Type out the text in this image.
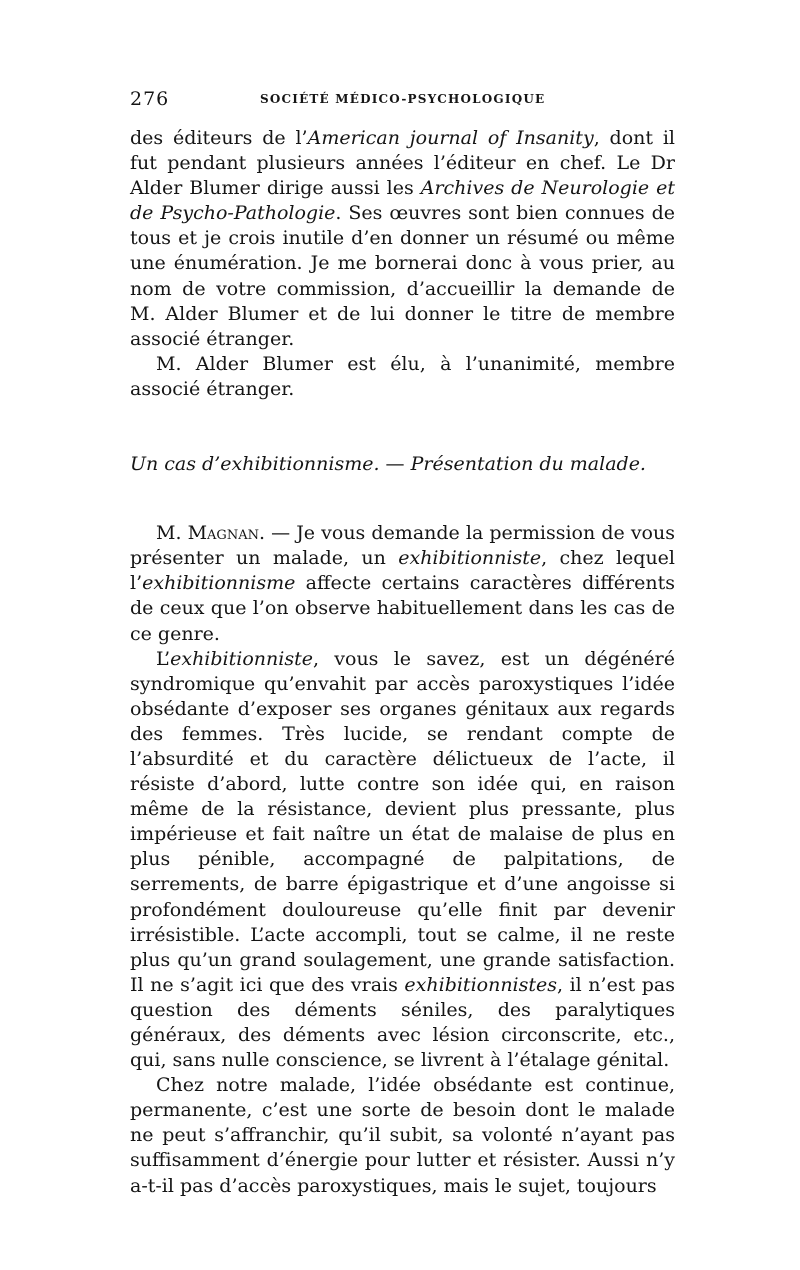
276	SOCIÉTÉ MÉDICO-PSYCHOLOGIQUE

des éditeurs de l’American journal of Insanity, dont il fut pendant plusieurs années l’éditeur en chef. Le Dr Alder Blumer dirige aussi les Archives de Neurologie et de Psycho-Pathologie. Ses œuvres sont bien connues de tous et je crois inutile d’en donner un résumé ou même une énumération. Je me bornerai donc à vous prier, au nom de votre commission, d’accueillir la demande de M. Alder Blumer et de lui donner le titre de membre associé étranger.

M. Alder Blumer est élu, à l’unanimité, membre associé étranger.

Un cas d’exhibitionnisme. — Présentation du malade.

M. Magnan. — Je vous demande la permission de vous présenter un malade, un exhibitionniste, chez lequel l’exhibitionnisme affecte certains caractères différents de ceux que l’on observe habituellement dans les cas de ce genre.

L’exhibitionniste, vous le savez, est un dégénéré syndromique qu’envahit par accès paroxystiques l’idée obsédante d’exposer ses organes génitaux aux regards des femmes. Très lucide, se rendant compte de l’absurdité et du caractère délictueux de l’acte, il résiste d’abord, lutte contre son idée qui, en raison même de la résistance, devient plus pressante, plus impérieuse et fait naître un état de malaise de plus en plus pénible, accompagné de palpitations, de serrements, de barre épigastrique et d’une angoisse si profondément douloureuse qu’elle finit par devenir irrésistible. L’acte accompli, tout se calme, il ne reste plus qu’un grand soulagement, une grande satisfaction. Il ne s’agit ici que des vrais exhibitionnistes, il n’est pas question des déments séniles, des paralytiques généraux, des déments avec lésion circonscrite, etc., qui, sans nulle conscience, se livrent à l’étalage génital.

Chez notre malade, l’idée obsédante est continue, permanente, c’est une sorte de besoin dont le malade ne peut s’affranchir, qu’il subit, sa volonté n’ayant pas suffisamment d’énergie pour lutter et résister. Aussi n’y a-t-il pas d’accès paroxystiques, mais le sujet, toujours
